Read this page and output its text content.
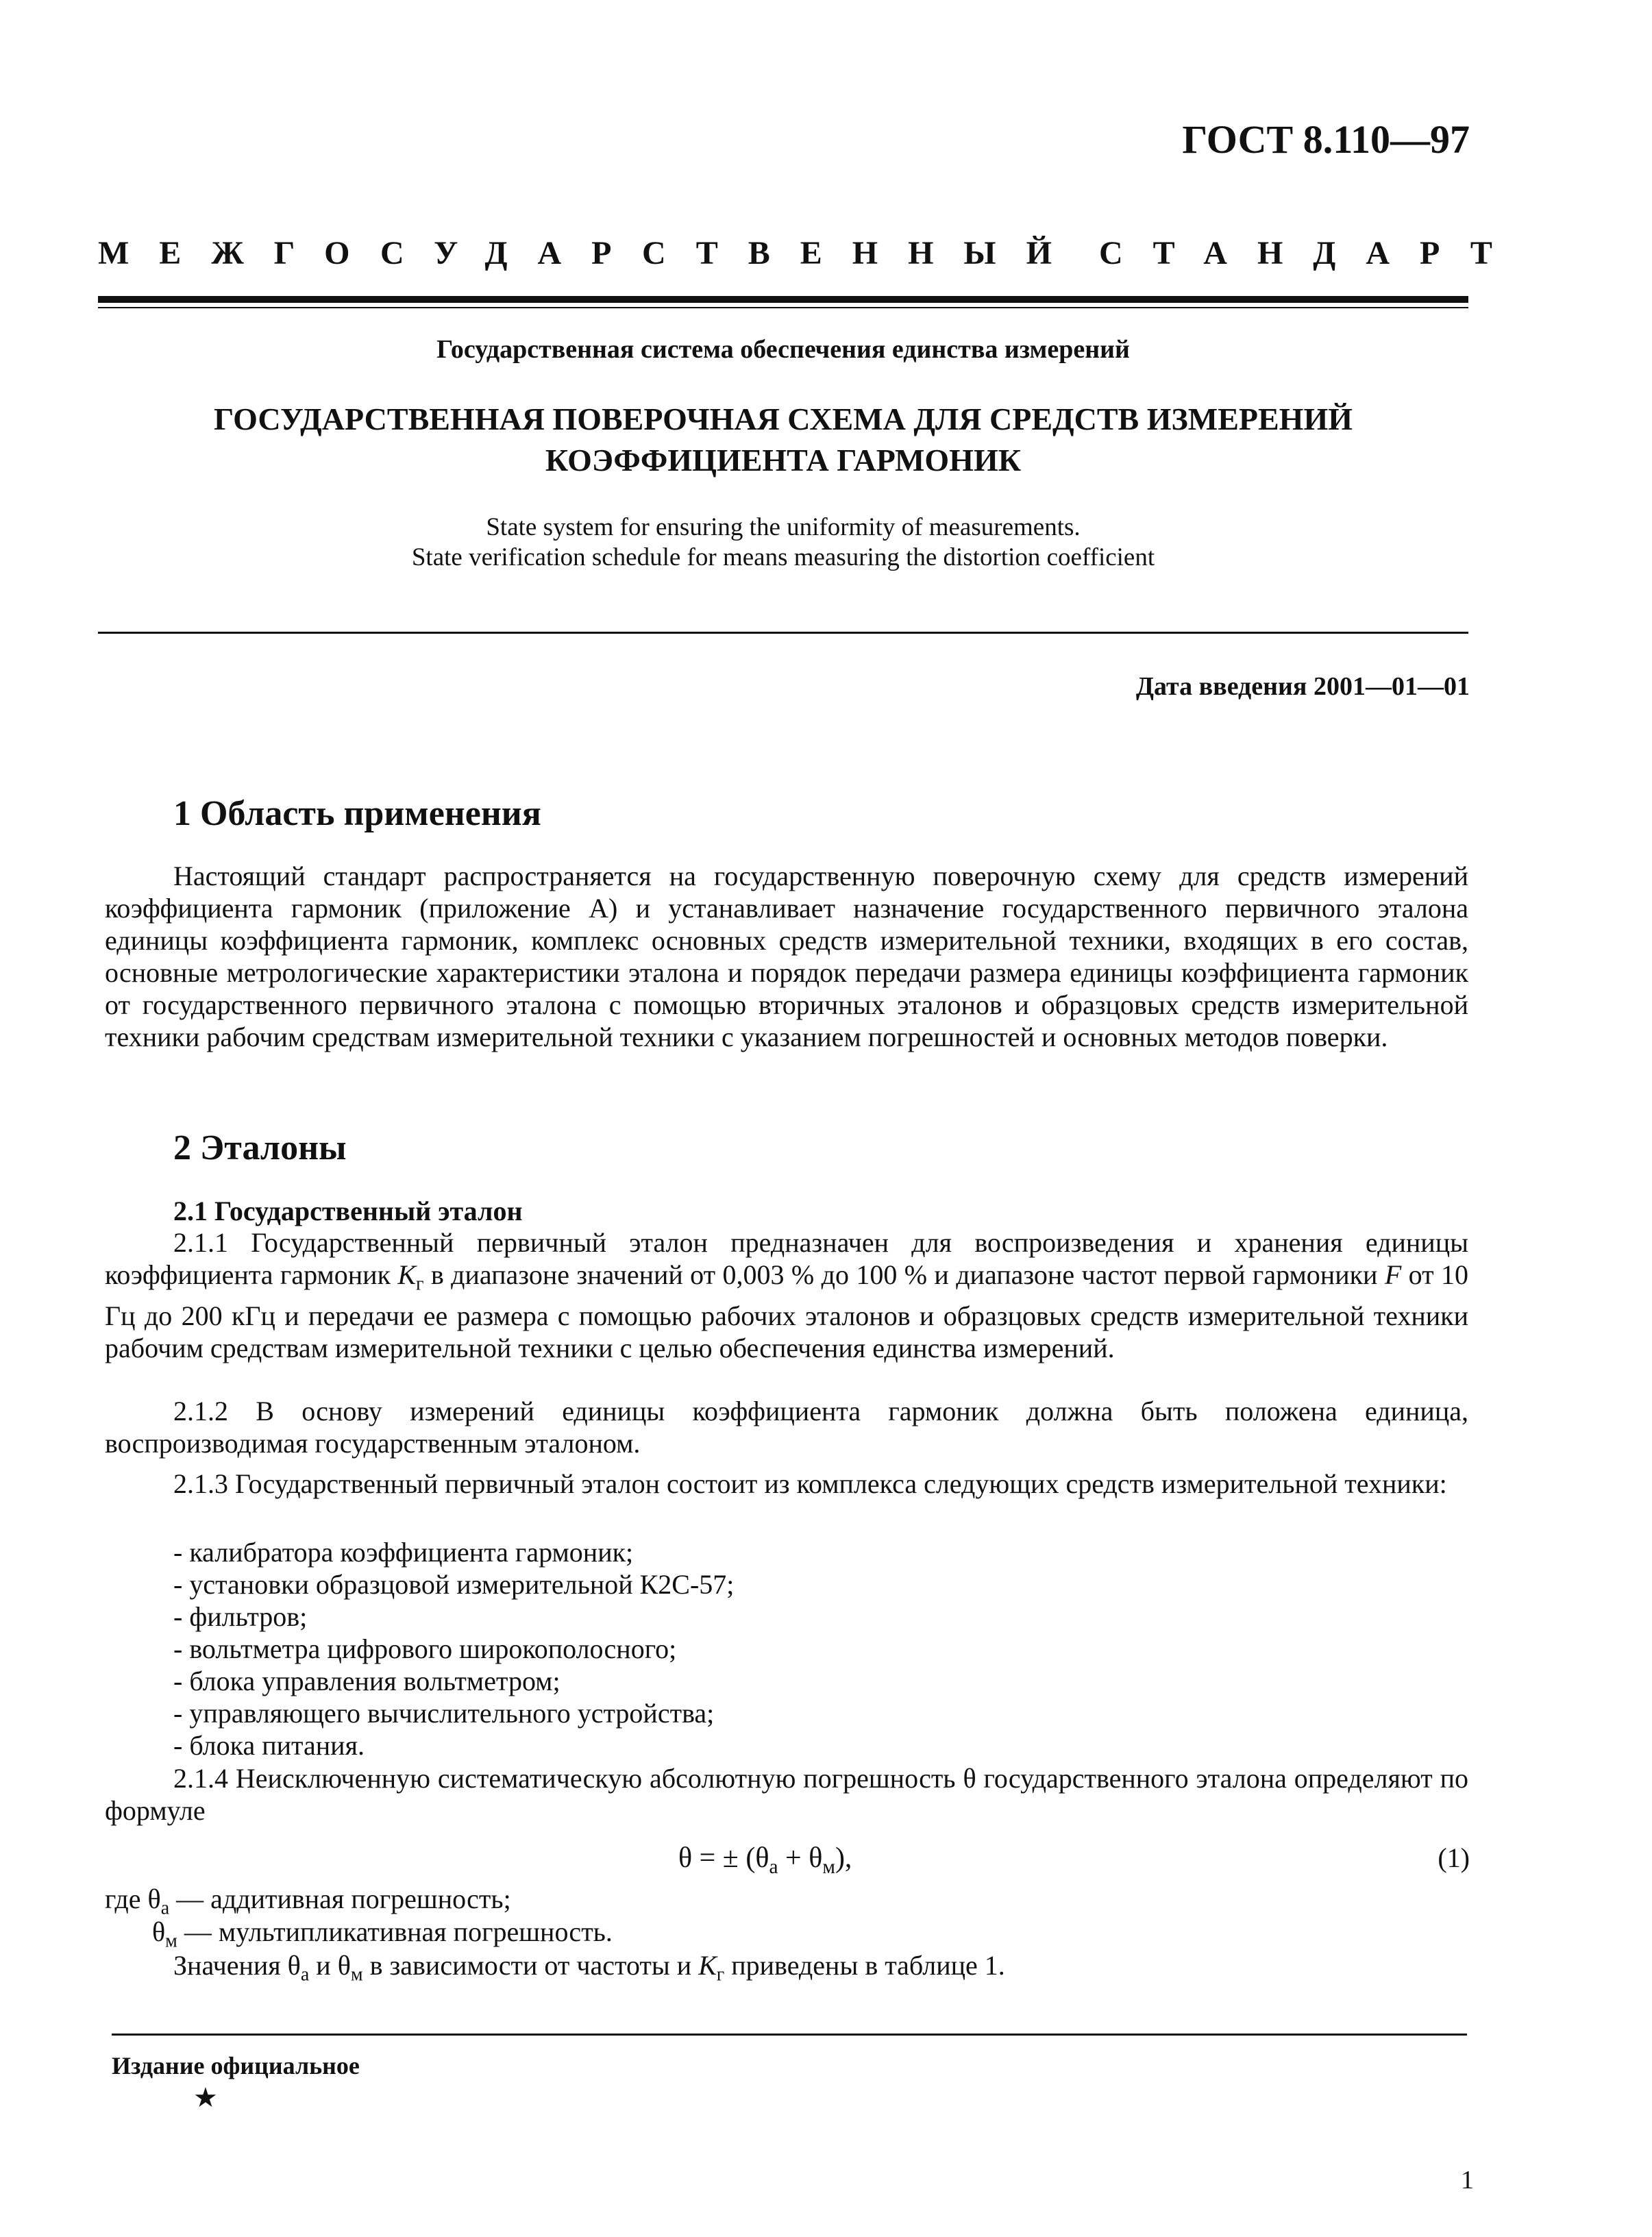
ГОСТ 8.110—97
МЕЖГОСУДАРСТВЕННЫЙ СТАНДАРТ
Государственная система обеспечения единства измерений
ГОСУДАРСТВЕННАЯ ПОВЕРОЧНАЯ СХЕМА ДЛЯ СРЕДСТВ ИЗМЕРЕНИЙ
КОЭФФИЦИЕНТА ГАРМОНИК
State system for ensuring the uniformity of measurements.
State verification schedule for means measuring the distortion coefficient
Дата введения 2001—01—01
1 Область применения

Настоящий стандарт распространяется на государственную поверочную схему для средств измерений коэффициента гармоник (приложение А) и устанавливает назначение государственного первичного эталона единицы коэффициента гармоник, комплекс основных средств измерительной техники, входящих в его состав, основные метрологические характеристики эталона и порядок передачи размера единицы коэффициента гармоник от государственного первичного эталона с помощью вторичных эталонов и образцовых средств измерительной техники рабочим средствам измерительной техники с указанием погрешностей и основных методов поверки.

2 Эталоны
2.1 Государственный эталон

2.1.1 Государственный первичный эталон предназначен для воспроизведения и хранения единицы коэффициента гармоник $К_г$ в диапазоне значений от 0,003 % до 100 % и диапазоне частот первой гармоники F от 10 Гц до 200 кГц и передачи ее размера с помощью рабочих эталонов и образцовых средств измерительной техники рабочим средствам измерительной техники с целью обеспечения единства измерений.

2.1.2 В основу измерений единицы коэффициента гармоник должна быть положена единица, воспроизводимая государственным эталоном.

2.1.3 Государственный первичный эталон состоит из комплекса следующих средств измерительной техники:

- калибратора коэффициента гармоник;
- установки образцовой измерительной К2С-57;
- фильтров;
- вольтметра цифрового широкополосного;
- блока управления вольтметром;
- управляющего вычислительного устройства;
- блока питания.

2.1.4 Неисключенную систематическую абсолютную погрешность θ государственного эталона определяют по формуле

θ = ± $(\theta_а + \theta_м)$,	(1)
где $\theta_а$ — аддитивная погрешность;
$\theta_м$ — мультипликативная погрешность.
Значения $\theta_а$ и $\theta_м$ в зависимости от частоты и $К_г$ приведены в таблице 1.
Издание официальное
★
1
